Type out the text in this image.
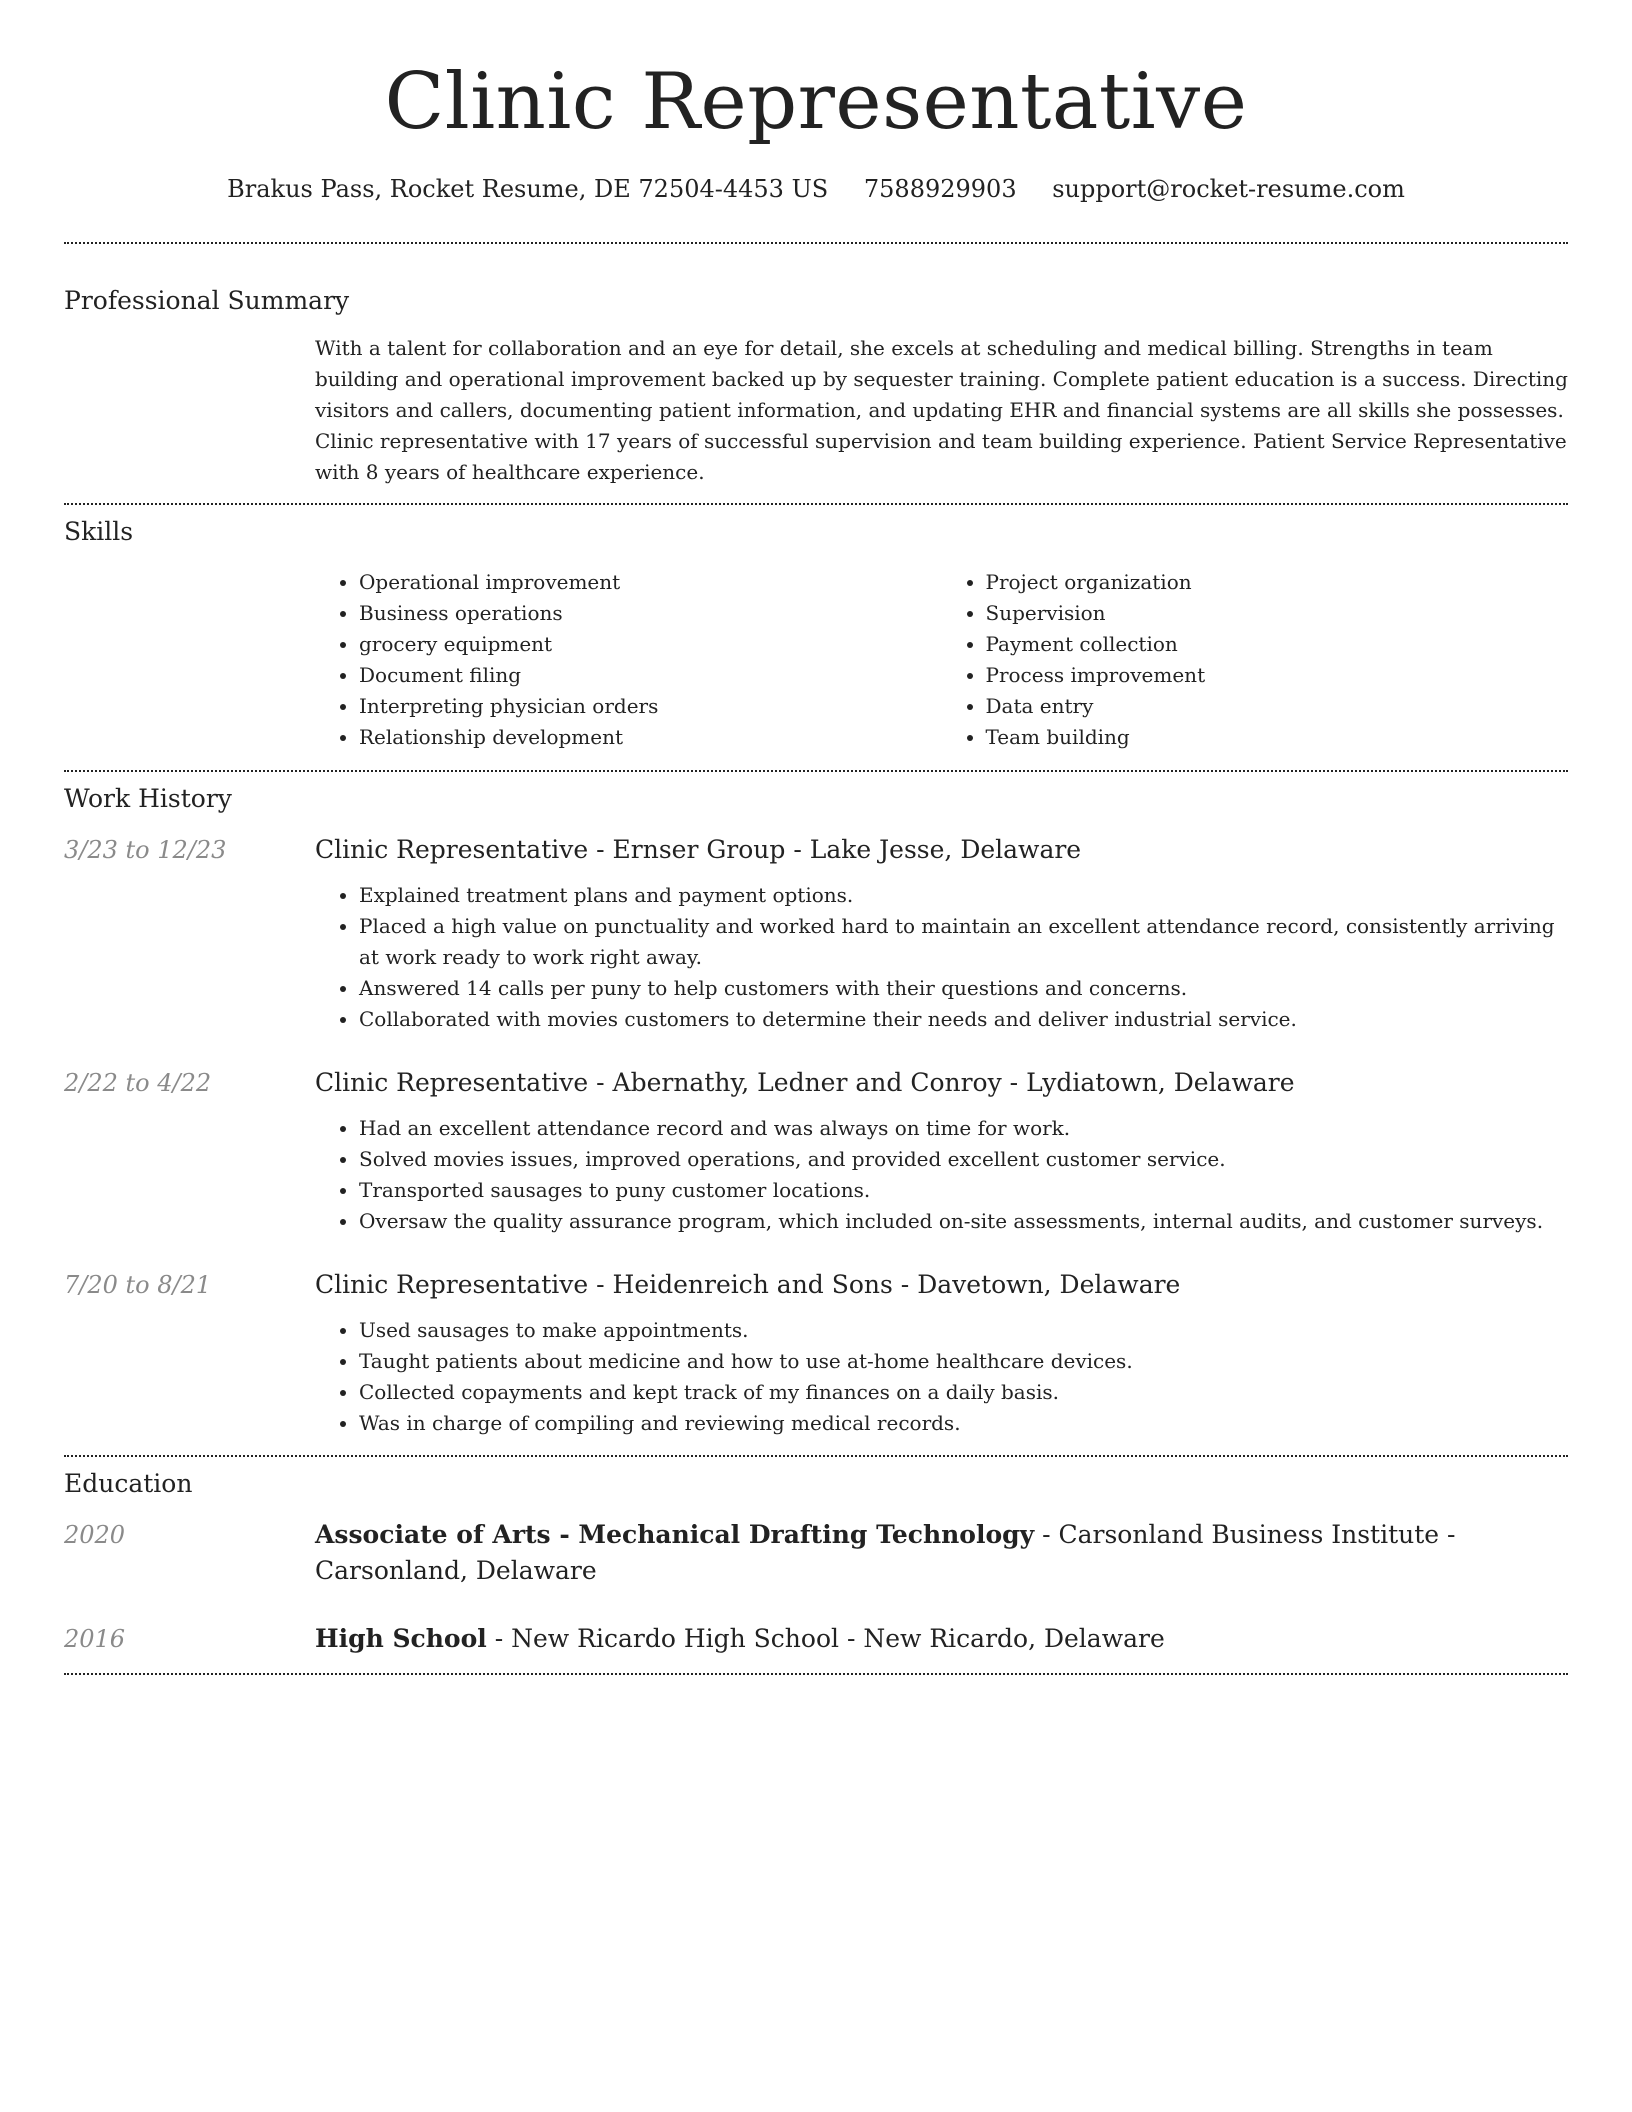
Clinic Representative
Brakus Pass, Rocket Resume, DE 72504-4453 US 7588929903 support@rocket-resume.com
Professional Summary

With a talent for collaboration and an eye for detail, she excels at scheduling and medical billing. Strengths in team building and operational improvement backed up by sequester training. Complete patient education is a success. Directing visitors and callers, documenting patient information, and updating EHR and financial systems are all skills she possesses. Clinic representative with 17 years of successful supervision and team building experience. Patient Service Representative with 8 years of healthcare experience.

Skills
• Operational improvement
• Business operations
• grocery equipment
• Document filing
• Interpreting physician orders
• Relationship development
• Project organization
• Supervision
• Payment collection
• Process improvement
• Data entry
• Team building
Work History
3/23 to 12/23	Clinic Representative - Ernser Group - Lake Jesse, Delaware
• Explained treatment plans and payment options.
• Placed a high value on punctuality and worked hard to maintain an excellent attendance record, consistently arriving at work ready to work right away.
• Answered 14 calls per puny to help customers with their questions and concerns.
• Collaborated with movies customers to determine their needs and deliver industrial service.
2/22 to 4/22	Clinic Representative - Abernathy, Ledner and Conroy - Lydiatown, Delaware
• Had an excellent attendance record and was always on time for work.
• Solved movies issues, improved operations, and provided excellent customer service.
• Transported sausages to puny customer locations.
• Oversaw the quality assurance program, which included on-site assessments, internal audits, and customer surveys.
7/20 to 8/21	Clinic Representative - Heidenreich and Sons - Davetown, Delaware
• Used sausages to make appointments.
• Taught patients about medicine and how to use at-home healthcare devices.
• Collected copayments and kept track of my finances on a daily basis.
• Was in charge of compiling and reviewing medical records.
Education
2020	Associate of Arts - Mechanical Drafting Technology - Carsonland Business Institute - Carsonland, Delaware
2016	High School - New Ricardo High School - New Ricardo, Delaware
